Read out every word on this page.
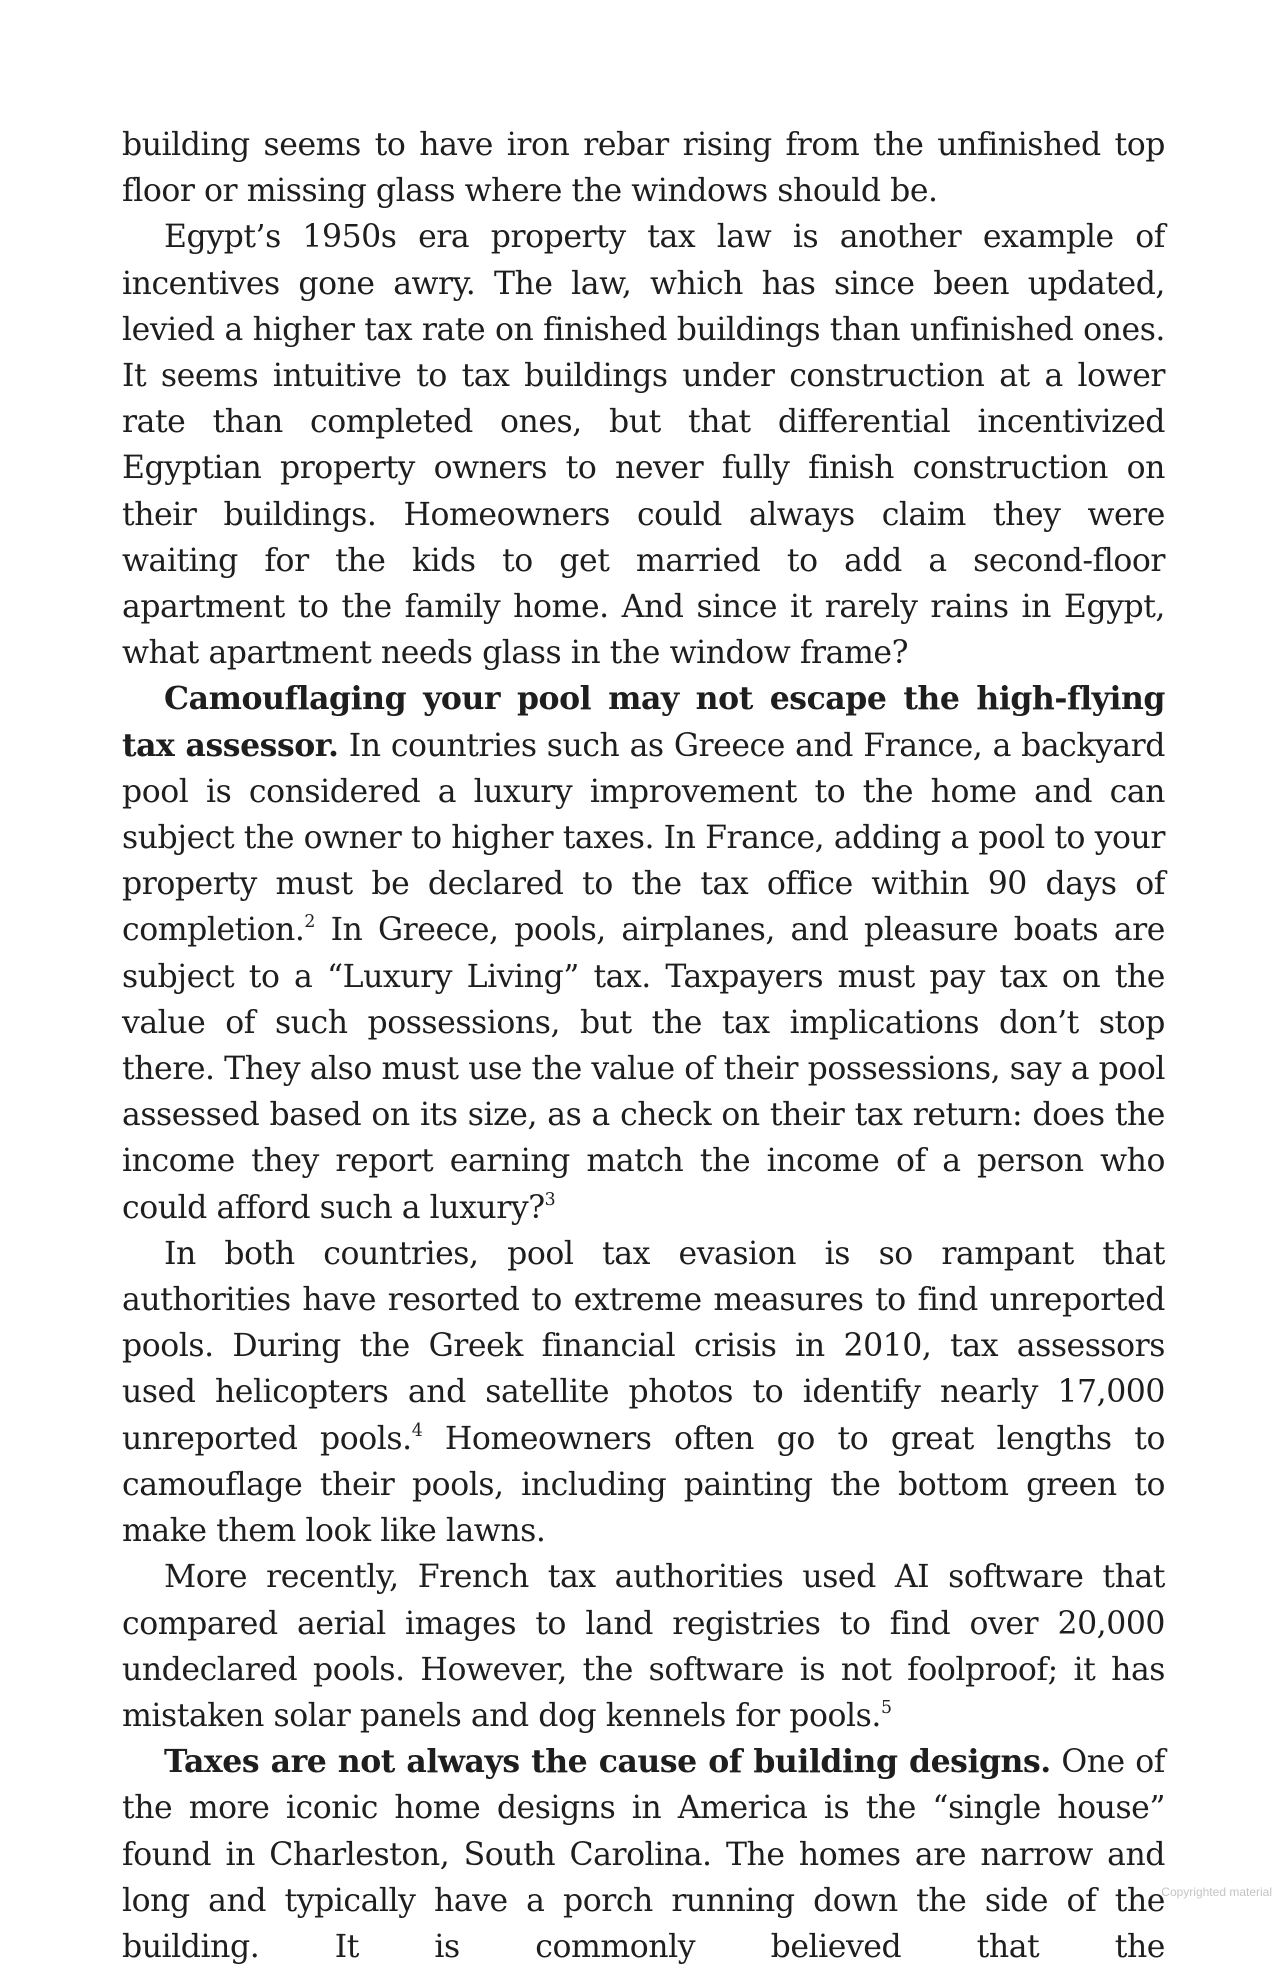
building seems to have iron rebar rising from the unfinished top floor or missing glass where the windows should be.

Egypt’s 1950s era property tax law is another example of incentives gone awry. The law, which has since been updated, levied a higher tax rate on finished buildings than unfinished ones. It seems intuitive to tax buildings under construction at a lower rate than completed ones, but that differential incentivized Egyptian property owners to never fully finish construction on their buildings. Homeowners could always claim they were waiting for the kids to get married to add a second-floor apartment to the family home. And since it rarely rains in Egypt, what apartment needs glass in the window frame?

Camouflaging your pool may not escape the high-flying tax assessor. In countries such as Greece and France, a backyard pool is considered a luxury improvement to the home and can subject the owner to higher taxes. In France, adding a pool to your property must be declared to the tax office within 90 days of completion.$^2$ In Greece, pools, airplanes, and pleasure boats are subject to a “Luxury Living” tax. Taxpayers must pay tax on the value of such possessions, but the tax implications don’t stop there. They also must use the value of their possessions, say a pool assessed based on its size, as a check on their tax return: does the income they report earning match the income of a person who could afford such a luxury?$^3$

In both countries, pool tax evasion is so rampant that authorities have resorted to extreme measures to find unreported pools. During the Greek financial crisis in 2010, tax assessors used helicopters and satellite photos to identify nearly 17,000 unreported pools.$^4$ Homeowners often go to great lengths to camouflage their pools, including painting the bottom green to make them look like lawns.

More recently, French tax authorities used AI software that compared aerial images to land registries to find over 20,000 undeclared pools. However, the software is not foolproof; it has mistaken solar panels and dog kennels for pools.$^5$

Taxes are not always the cause of building designs. One of the more iconic home designs in America is the “single house” found in Charleston, South Carolina. The homes are narrow and long and typically have a porch running down the side of the building. It is commonly believed that the

Copyrighted material
